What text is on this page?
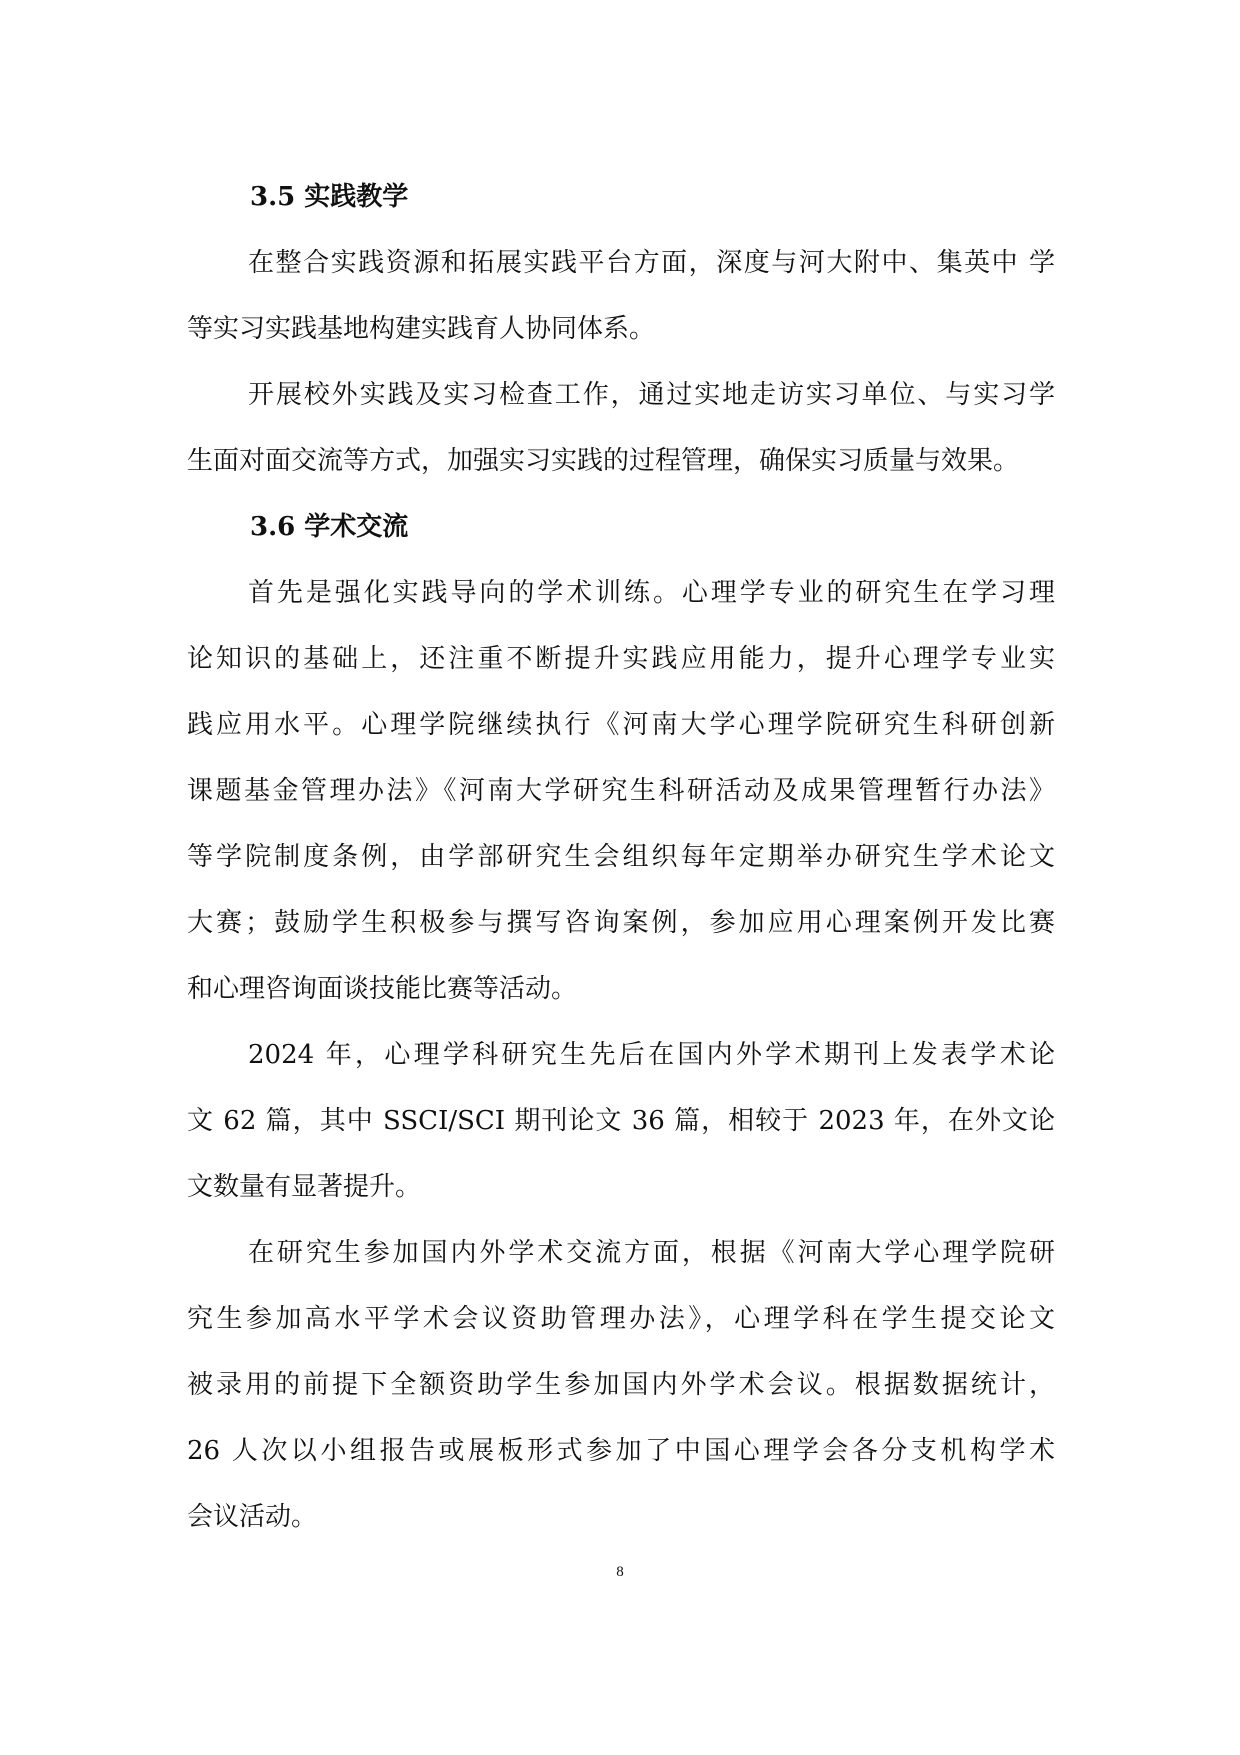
3.5 实践教学

在整合实践资源和拓展实践平台方面，深度与河大附中、集英中 学
等实习实践基地构建实践育人协同体系。

开展校外实践及实习检查工作，通过实地走访实习单位、与实习学
生面对面交流等方式，加强实习实践的过程管理，确保实习质量与效果。

3.6 学术交流

首先是强化实践导向的学术训练。心理学专业的研究生在学习理
论知识的基础上，还注重不断提升实践应用能力，提升心理学专业实
践应用水平。心理学院继续执行《河南大学心理学院研究生科研创新
课题基金管理办法》《河南大学研究生科研活动及成果管理暂行办法》
等学院制度条例，由学部研究生会组织每年定期举办研究生学术论文
大赛；鼓励学生积极参与撰写咨询案例，参加应用心理案例开发比赛
和心理咨询面谈技能比赛等活动。

2024 年，心理学科研究生先后在国内外学术期刊上发表学术论
文 62 篇，其中 SSCI/SCI 期刊论文 36 篇，相较于 2023 年，在外文论
文数量有显著提升。

在研究生参加国内外学术交流方面，根据《河南大学心理学院研
究生参加高水平学术会议资助管理办法》，心理学科在学生提交论文
被录用的前提下全额资助学生参加国内外学术会议。根据数据统计，
26 人次以小组报告或展板形式参加了中国心理学会各分支机构学术
会议活动。

8
